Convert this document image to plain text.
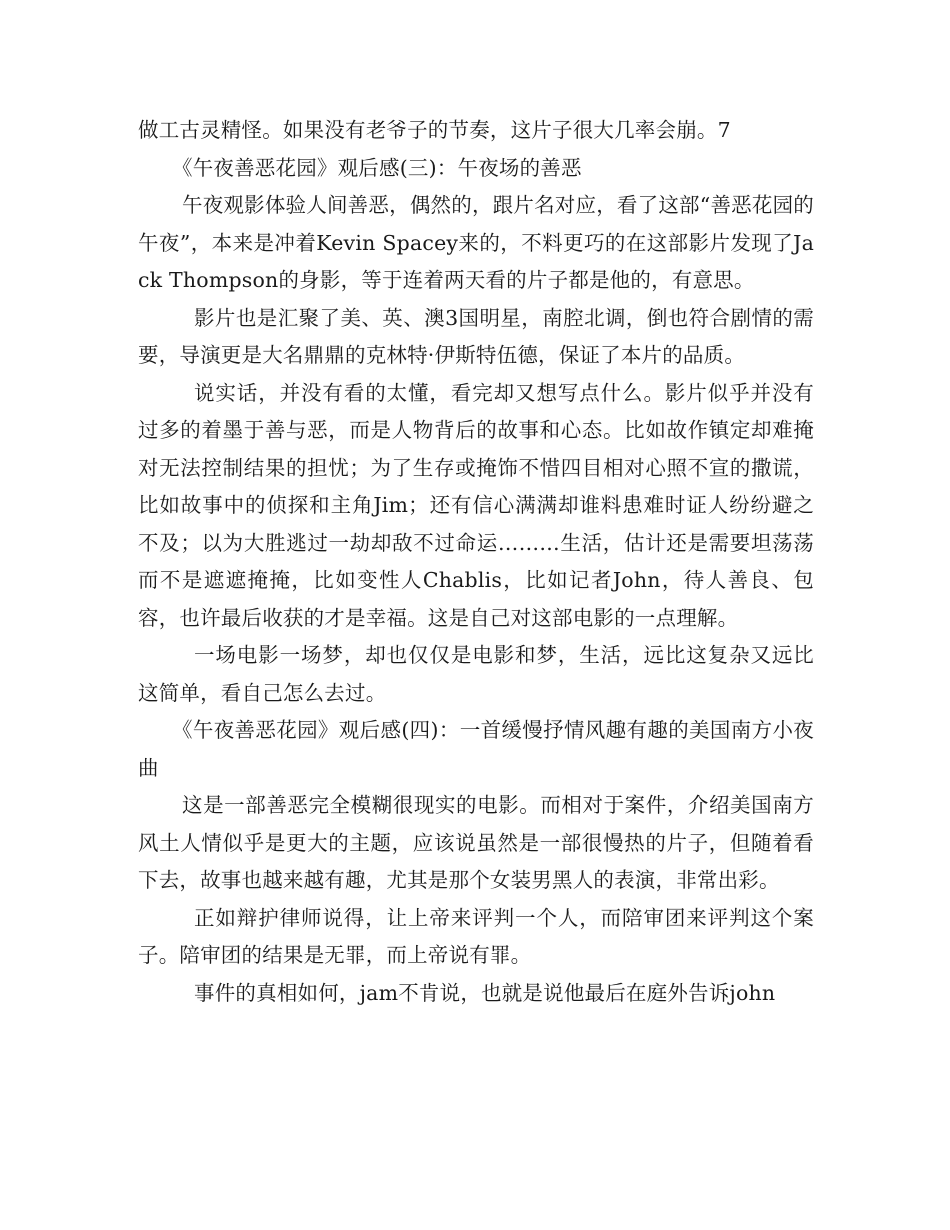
做工古灵精怪。如果没有老爷子的节奏，这片子很大几率会崩。7

《午夜善恶花园》观后感(三)：午夜场的善恶

午夜观影体验人间善恶，偶然的，跟片名对应，看了这部“善恶花园的午夜”，本来是冲着Kevin Spacey来的，不料更巧的在这部影片发现了Jack Thompson的身影，等于连着两天看的片子都是他的，有意思。

影片也是汇聚了美、英、澳3国明星，南腔北调，倒也符合剧情的需要，导演更是大名鼎鼎的克林特·伊斯特伍德，保证了本片的品质。

说实话，并没有看的太懂，看完却又想写点什么。影片似乎并没有过多的着墨于善与恶，而是人物背后的故事和心态。比如故作镇定却难掩对无法控制结果的担忧；为了生存或掩饰不惜四目相对心照不宣的撒谎，比如故事中的侦探和主角Jim；还有信心满满却谁料患难时证人纷纷避之不及；以为大胜逃过一劫却敌不过命运………生活，估计还是需要坦荡荡而不是遮遮掩掩，比如变性人Chablis，比如记者John，待人善良、包容，也许最后收获的才是幸福。这是自己对这部电影的一点理解。

一场电影一场梦，却也仅仅是电影和梦，生活，远比这复杂又远比这简单，看自己怎么去过。

《午夜善恶花园》观后感(四)：一首缓慢抒情风趣有趣的美国南方小夜曲

这是一部善恶完全模糊很现实的电影。而相对于案件，介绍美国南方风土人情似乎是更大的主题，应该说虽然是一部很慢热的片子，但随着看下去，故事也越来越有趣，尤其是那个女装男黑人的表演，非常出彩。

正如辩护律师说得，让上帝来评判一个人，而陪审团来评判这个案子。陪审团的结果是无罪，而上帝说有罪。

事件的真相如何，jam不肯说，也就是说他最后在庭外告诉john
